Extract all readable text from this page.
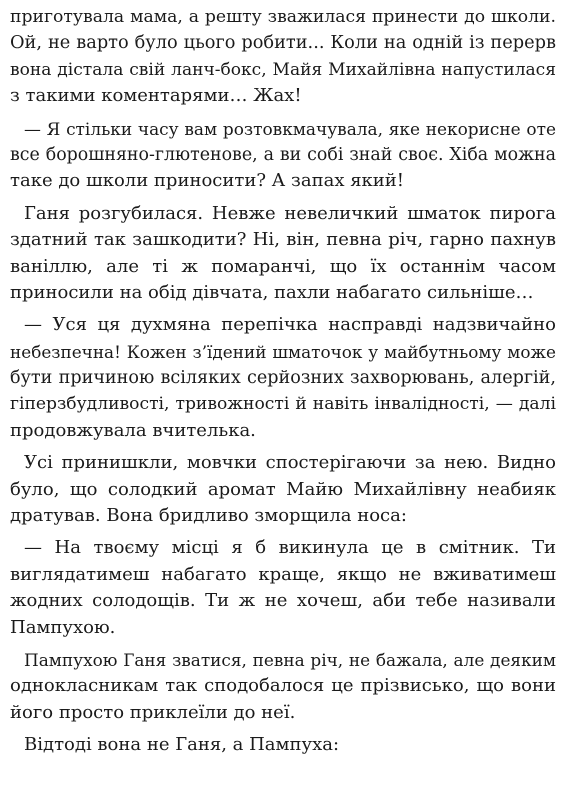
приготувала мама, а решту зважилася принести до школи.
Ой, не варто було цього робити... Коли на одній із перерв
вона дістала свій ланч-бокс, Майя Михайлівна напустилася
з такими коментарями… Жах!
— Я стільки часу вам розтовкмачувала, яке некорисне оте
все борошняно-глютенове, а ви собі знай своє. Хіба можна
таке до школи приносити? А запах який!
Ганя розгубилася. Невже невеличкий шматок пирога
здатний так зашкодити? Ні, він, певна річ, гарно пахнув
ваніллю, але ті ж помаранчі, що їх останнім часом
приносили на обід дівчата, пахли набагато сильніше…
— Уся ця духмяна перепічка насправді надзвичайно
небезпечна! Кожен з’їдений шматочок у майбутньому може
бути причиною всіляких серйозних захворювань, алергій,
гіперзбудливості, тривожності й навіть інвалідності, — далі
продовжувала вчителька.
Усі принишкли, мовчки спостерігаючи за нею. Видно
було, що солодкий аромат Майю Михайлівну неабияк
дратував. Вона бридливо зморщила носа:
— На твоєму місці я б викинула це в смітник. Ти
виглядатимеш набагато краще, якщо не вживатимеш
жодних солодощів. Ти ж не хочеш, аби тебе називали
Пампухою.
Пампухою Ганя зватися, певна річ, не бажала, але деяким
однокласникам так сподобалося це прізвисько, що вони
його просто приклеїли до неї.
Відтоді вона не Ганя, а Пампуха:
